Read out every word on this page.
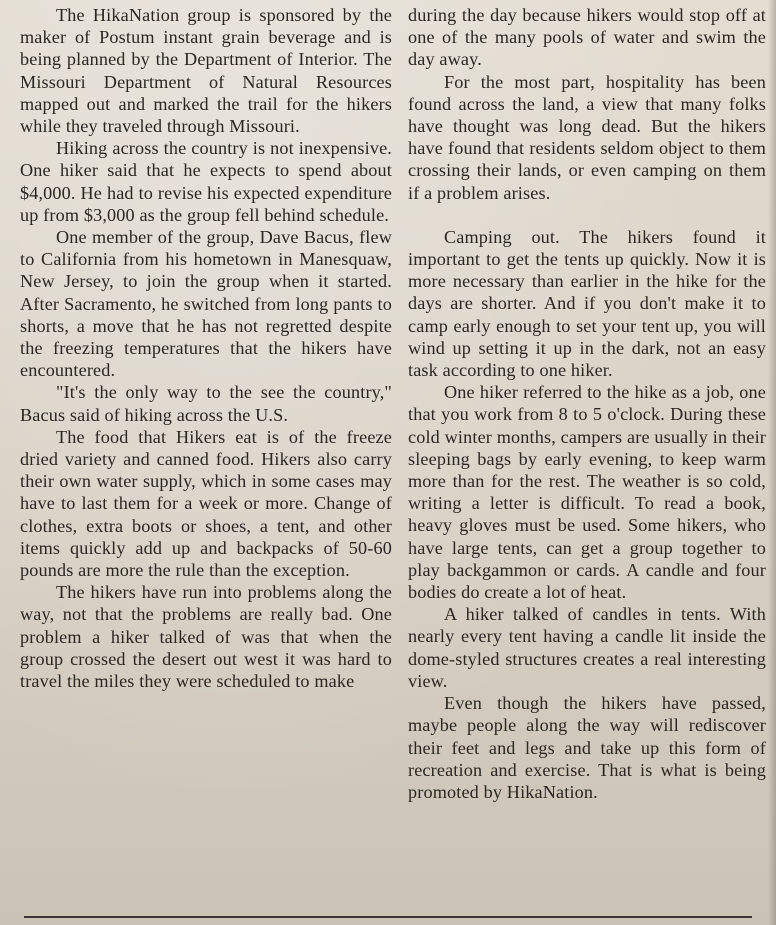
The HikaNation group is sponsored by the maker of Postum instant grain beverage and is being planned by the Department of Interior. The Missouri Department of Natural Resources mapped out and marked the trail for the hikers while they traveled through Missouri.

Hiking across the country is not inexpensive. One hiker said that he expects to spend about $4,000. He had to revise his expected expenditure up from $3,000 as the group fell behind schedule.

One member of the group, Dave Bacus, flew to California from his hometown in Manesquaw, New Jersey, to join the group when it started. After Sacramento, he switched from long pants to shorts, a move that he has not regretted despite the freezing temperatures that the hikers have encountered.

"It's the only way to the see the country," Bacus said of hiking across the U.S.

The food that Hikers eat is of the freeze dried variety and canned food. Hikers also carry their own water supply, which in some cases may have to last them for a week or more. Change of clothes, extra boots or shoes, a tent, and other items quickly add up and backpacks of 50-60 pounds are more the rule than the exception.

The hikers have run into problems along the way, not that the problems are really bad. One problem a hiker talked of was that when the group crossed the desert out west it was hard to travel the miles they were scheduled to make

during the day because hikers would stop off at one of the many pools of water and swim the day away.

For the most part, hospitality has been found across the land, a view that many folks have thought was long dead. But the hikers have found that residents seldom object to them crossing their lands, or even camping on them if a problem arises.

Camping out. The hikers found it important to get the tents up quickly. Now it is more necessary than earlier in the hike for the days are shorter. And if you don't make it to camp early enough to set your tent up, you will wind up setting it up in the dark, not an easy task according to one hiker.

One hiker referred to the hike as a job, one that you work from 8 to 5 o'clock. During these cold winter months, campers are usually in their sleeping bags by early evening, to keep warm more than for the rest. The weather is so cold, writing a letter is difficult. To read a book, heavy gloves must be used. Some hikers, who have large tents, can get a group together to play backgammon or cards. A candle and four bodies do create a lot of heat.

A hiker talked of candles in tents. With nearly every tent having a candle lit inside the dome-styled structures creates a real interesting view.

Even though the hikers have passed, maybe people along the way will rediscover their feet and legs and take up this form of recreation and exercise. That is what is being promoted by HikaNation.
